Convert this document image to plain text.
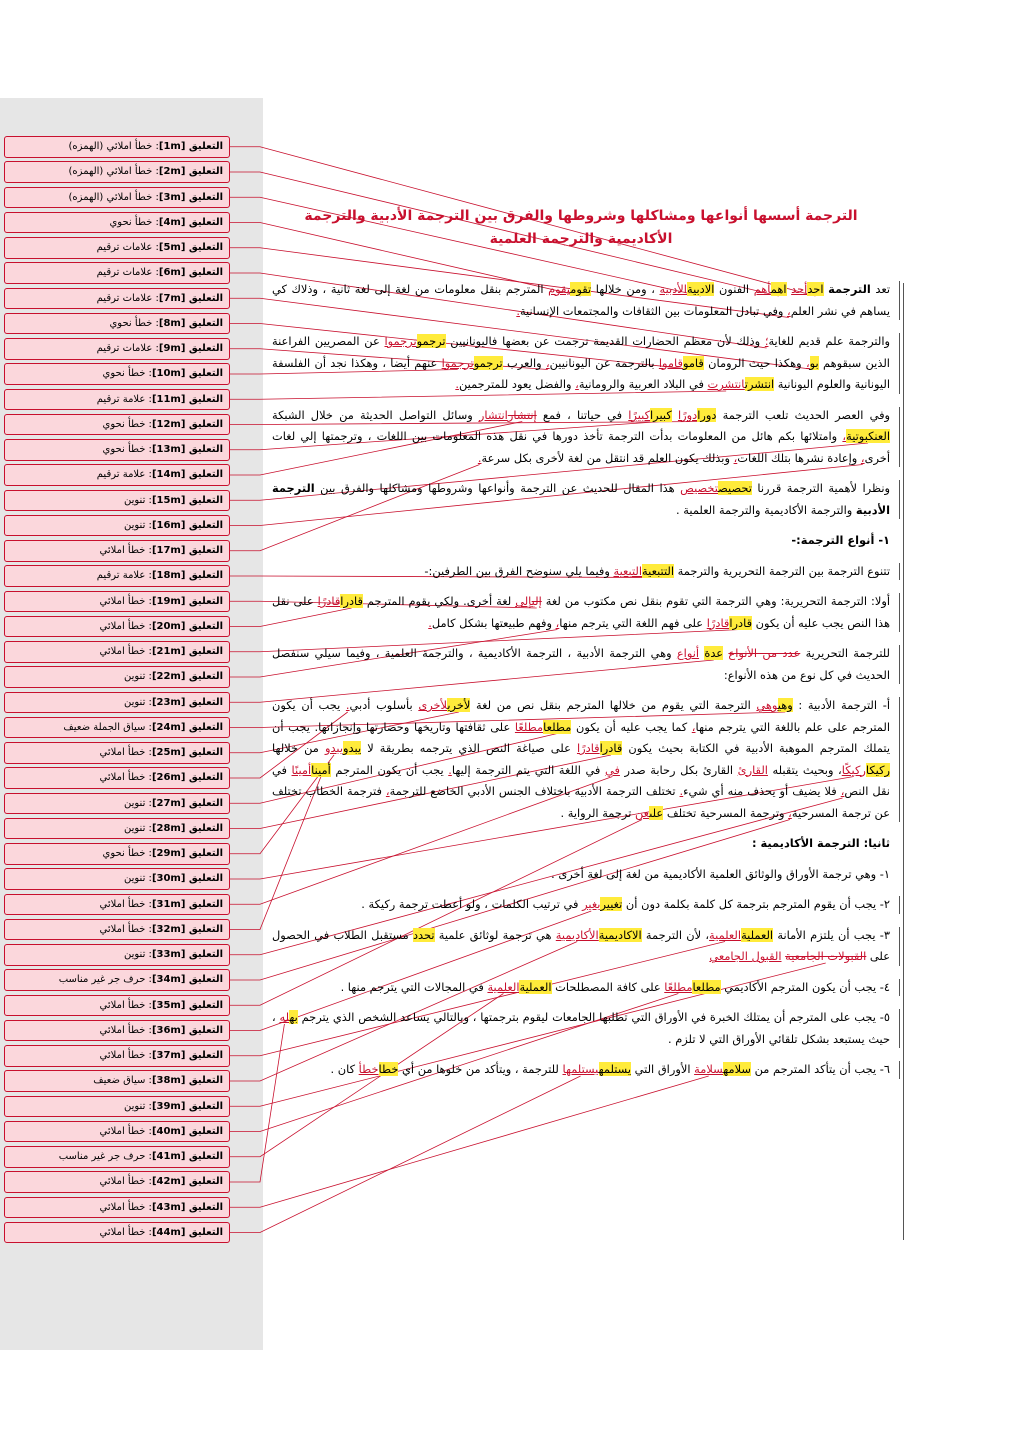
التعليق [1m]: خطأ املائي (الهمزه)
التعليق [2m]: خطأ املائي (الهمزه)
التعليق [3m]: خطأ املائي (الهمزه)
التعليق [4m]: خطأ نحوي
التعليق [5m]: علامات ترقيم
التعليق [6m]: علامات ترقيم
التعليق [7m]: علامات ترقيم
التعليق [8m]: خطأ نحوي
التعليق [9m]: علامات ترقيم
التعليق [10m]: خطأ نحوي
التعليق [11m]: علامة ترقيم
التعليق [12m]: خطأ نحوي
التعليق [13m]: خطأ نحوي
التعليق [14m]: علامة ترقيم
التعليق [15m]: تنوين
التعليق [16m]: تنوين
التعليق [17m]: خطأ املائي
التعليق [18m]: علامة ترقيم
التعليق [19m]: خطأ املائي
التعليق [20m]: خطأ املائي
التعليق [21m]: خطأ املائي
التعليق [22m]: تنوين
التعليق [23m]: تنوين
التعليق [24m]: سياق الجملة ضعيف
التعليق [25m]: خطأ املائي
التعليق [26m]: خطأ املائي
التعليق [27m]: تنوين
التعليق [28m]: تنوين
التعليق [29m]: خطأ نحوي
التعليق [30m]: تنوين
التعليق [31m]: خطأ املائي
التعليق [32m]: خطأ املائي
التعليق [33m]: تنوين
التعليق [34m]: حرف جر غير مناسب
التعليق [35m]: خطأ املائي
التعليق [36m]: خطأ املائي
التعليق [37m]: خطأ املائي
التعليق [38m]: سياق ضعيف
التعليق [39m]: تنوين
التعليق [40m]: خطأ املائي
التعليق [41m]: حرف جر غير مناسب
التعليق [42m]: خطأ املائي
التعليق [43m]: خطأ املائي
التعليق [44m]: خطأ املائي
الترجمة أسسها أنواعها ومشاكلها وشروطها والفرق بين الترجمة الأدبية والترجمة الأكاديمية والترجمة العلمية

تعد الترجمة احدأحد اهمأهم الفنون الادبيةالأدبية ، ومن خلالها تقوميقوم المترجم بنقل معلومات من لغة إلى لغة ثانية ، وذلاك كي يساهم في نشر العلم، وفي تبادل المعلومات بين الثقافات والمجتمعات الإنسانية.

والترجمة علم قديم للغاية؛ وذلك لأن معظم الحضارات القديمة ترجمت عن بعضها فاليونانيين ترجموترجموا عن المصريين الفراعنة الذين سبقوهم بو، وهكذا حيث الرومان قاموقاموا بالترجمة عن اليونانيين، والعرب ترجموترجموا عنهم أيضا ، وهكذا نجد أن الفلسفة اليونانية والعلوم اليونانية انتشرتانتشرت في البلاد العربية والرومانية، والفضل يعود للمترجمين.

وفي العصر الحديث تلعب الترجمة دورادورًا كبيراكبيرًا في حياتنا ، فمع إنتشارانتشار وسائل التواصل الحديثة من خلال الشبكة العنكبوتية، وامتلائها بكم هائل من المعلومات بدأت الترجمة تأخذ دورها في نقل هذه المعلومات بين اللغات ، وترجمتها إلي لغات أخرى، وإعادة نشرها بتلك اللغات، وبذلك يكون العلم قد انتقل من لغة لأخرى بكل سرعة.

ونظرا لأهمية الترجمة قررنا تحصيصتخصيص هذا المقال للحديث عن الترجمة وأنواعها وشروطها ومشاكلها والفرق بين الترجمة الأدبية والترجمة الأكاديمية والترجمة العلمية .

١- أنواع الترجمة:-

تتنوع الترجمة بين الترجمة التحريرية والترجمة التتبعيةالتبعية وفيما يلي سنوضح الفرق بين الطرفين:-

أولا: الترجمة التحريرية: وهي الترجمة التي تقوم بنقل نص مكتوب من لغة إليإلى لغة أخرى. ولكي يقوم المترجم قادراقادرًا على نقل هذا النص يجب عليه أن يكون قادراقادرًا على فهم اللغة التي يترجم منها، وفهم طبيعتها بشكل كامل.

للترجمة التحريرية عدد من الأنواع عدة أنواع وهي الترجمة الأدبية ، الترجمة الأكاديمية ، والترجمة العلمية ، وفيما سيلي سنفصل الحديث في كل نوع من هذه الأنواع:

أ- الترجمة الأدبية : وهيوهي الترجمة التي يقوم من خلالها المترجم بنقل نص من لغة لأخريلأخرى بأسلوب أدبي. يجب أن يكون المترجم على علم باللغة التي يترجم منها، كما يجب عليه أن يكون مطلعامطلعًا على ثقافتها وتاريخها وحضارتها وإنجازاتها. يجب أن يتملك المترجم الموهبة الأدبية في الكتابة بحيث يكون قادراقادرًا على صياغة النص الذي يترجمه بطريقة لا يبدويبدو من خلالها ركيكاركيكًا، وبحيث يتقبله القارئ القارئ بكل رحابة صدر في في اللغة التي يتم الترجمة إليها. يجب أن يكون المترجم أميناأمينًا في نقل النص، فلا يضيف أو يحذف منه أي شيء. تختلف الترجمة الأدبية باختلاف الجنس الأدبي الخاضع للترجمة، فترجمة الخطاب تختلف عن ترجمة المسرحية، وترجمة المسرحية تختلف علىعن ترجمة الرواية .

ثانيا: الترجمة الأكاديمية :

١- وهي ترجمة الأوراق والوثائق العلمية الأكاديمية من لغة إلى لغة أخرى .

٢- يجب أن يقوم المترجم بترجمة كل كلمة بكلمة دون أن تغييريغير في ترتيب الكلمات ، ولو أعطت ترجمة ركيكة .

٣- يجب أن يلتزم الأمانة العمليةالعلمية، لأن الترجمة الاكاديميةالأكاديمية هي ترجمة لوثائق علمية تحدد مستقبل الطلاب في الحصول على القبولات الجامعية القبول الجامعي

٤- يجب أن يكون المترجم الأكاديمي مطلعامطلعًا على كافة المصطلحات العمليةالعلمية في المجالات التي يترجم منها .

٥- يجب على المترجم أن يمتلك الخبرة في الأوراق التي تطلبها الجامعات ليقوم بترجمتها ، وبالتالي يساعد الشخص الذي يترجم بهله ، حيث يستبعد بشكل تلقائي الأوراق التي لا تلزم .

٦- يجب أن يتأكد المترجم من سلامهسلامة الأوراق التي يستلمهيستلمها للترجمة ، ويتأكد من خلوها من أي خطاخطأ كان .
